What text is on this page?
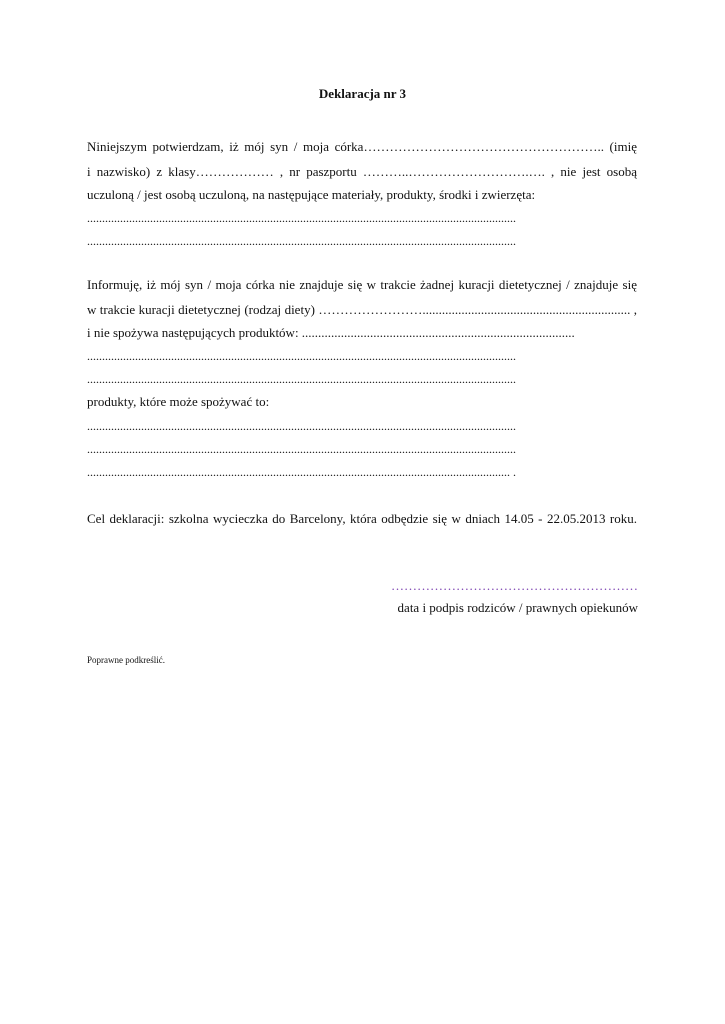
Deklaracja nr 3
Niniejszym potwierdzam, iż mój syn / moja córka……………………………………………….. (imię
i nazwisko) z klasy……………… , nr paszportu ………..……………………….…. , nie jest osobą
uczuloną / jest osobą uczuloną, na następujące materiały, produkty, środki i zwierzęta:
...............................................................................................................................................
...............................................................................................................................................
Informuję, iż mój syn / moja córka nie znajduje się w trakcie żadnej kuracji dietetycznej / znajduje się
w trakcie kuracji dietetycznej (rodzaj diety) ……………………................................................................ ,
i nie spożywa następujących produktów: ....................................................................................
...............................................................................................................................................
...............................................................................................................................................
produkty, które może spożywać to:
...............................................................................................................................................
...............................................................................................................................................
............................................................................................................................................. .
Cel deklaracji: szkolna wycieczka do Barcelony, która odbędzie się w dniach 14.05 - 22.05.2013 roku.
…………………………………………………
data i podpis rodziców / prawnych opiekunów
Poprawne podkreślić.
